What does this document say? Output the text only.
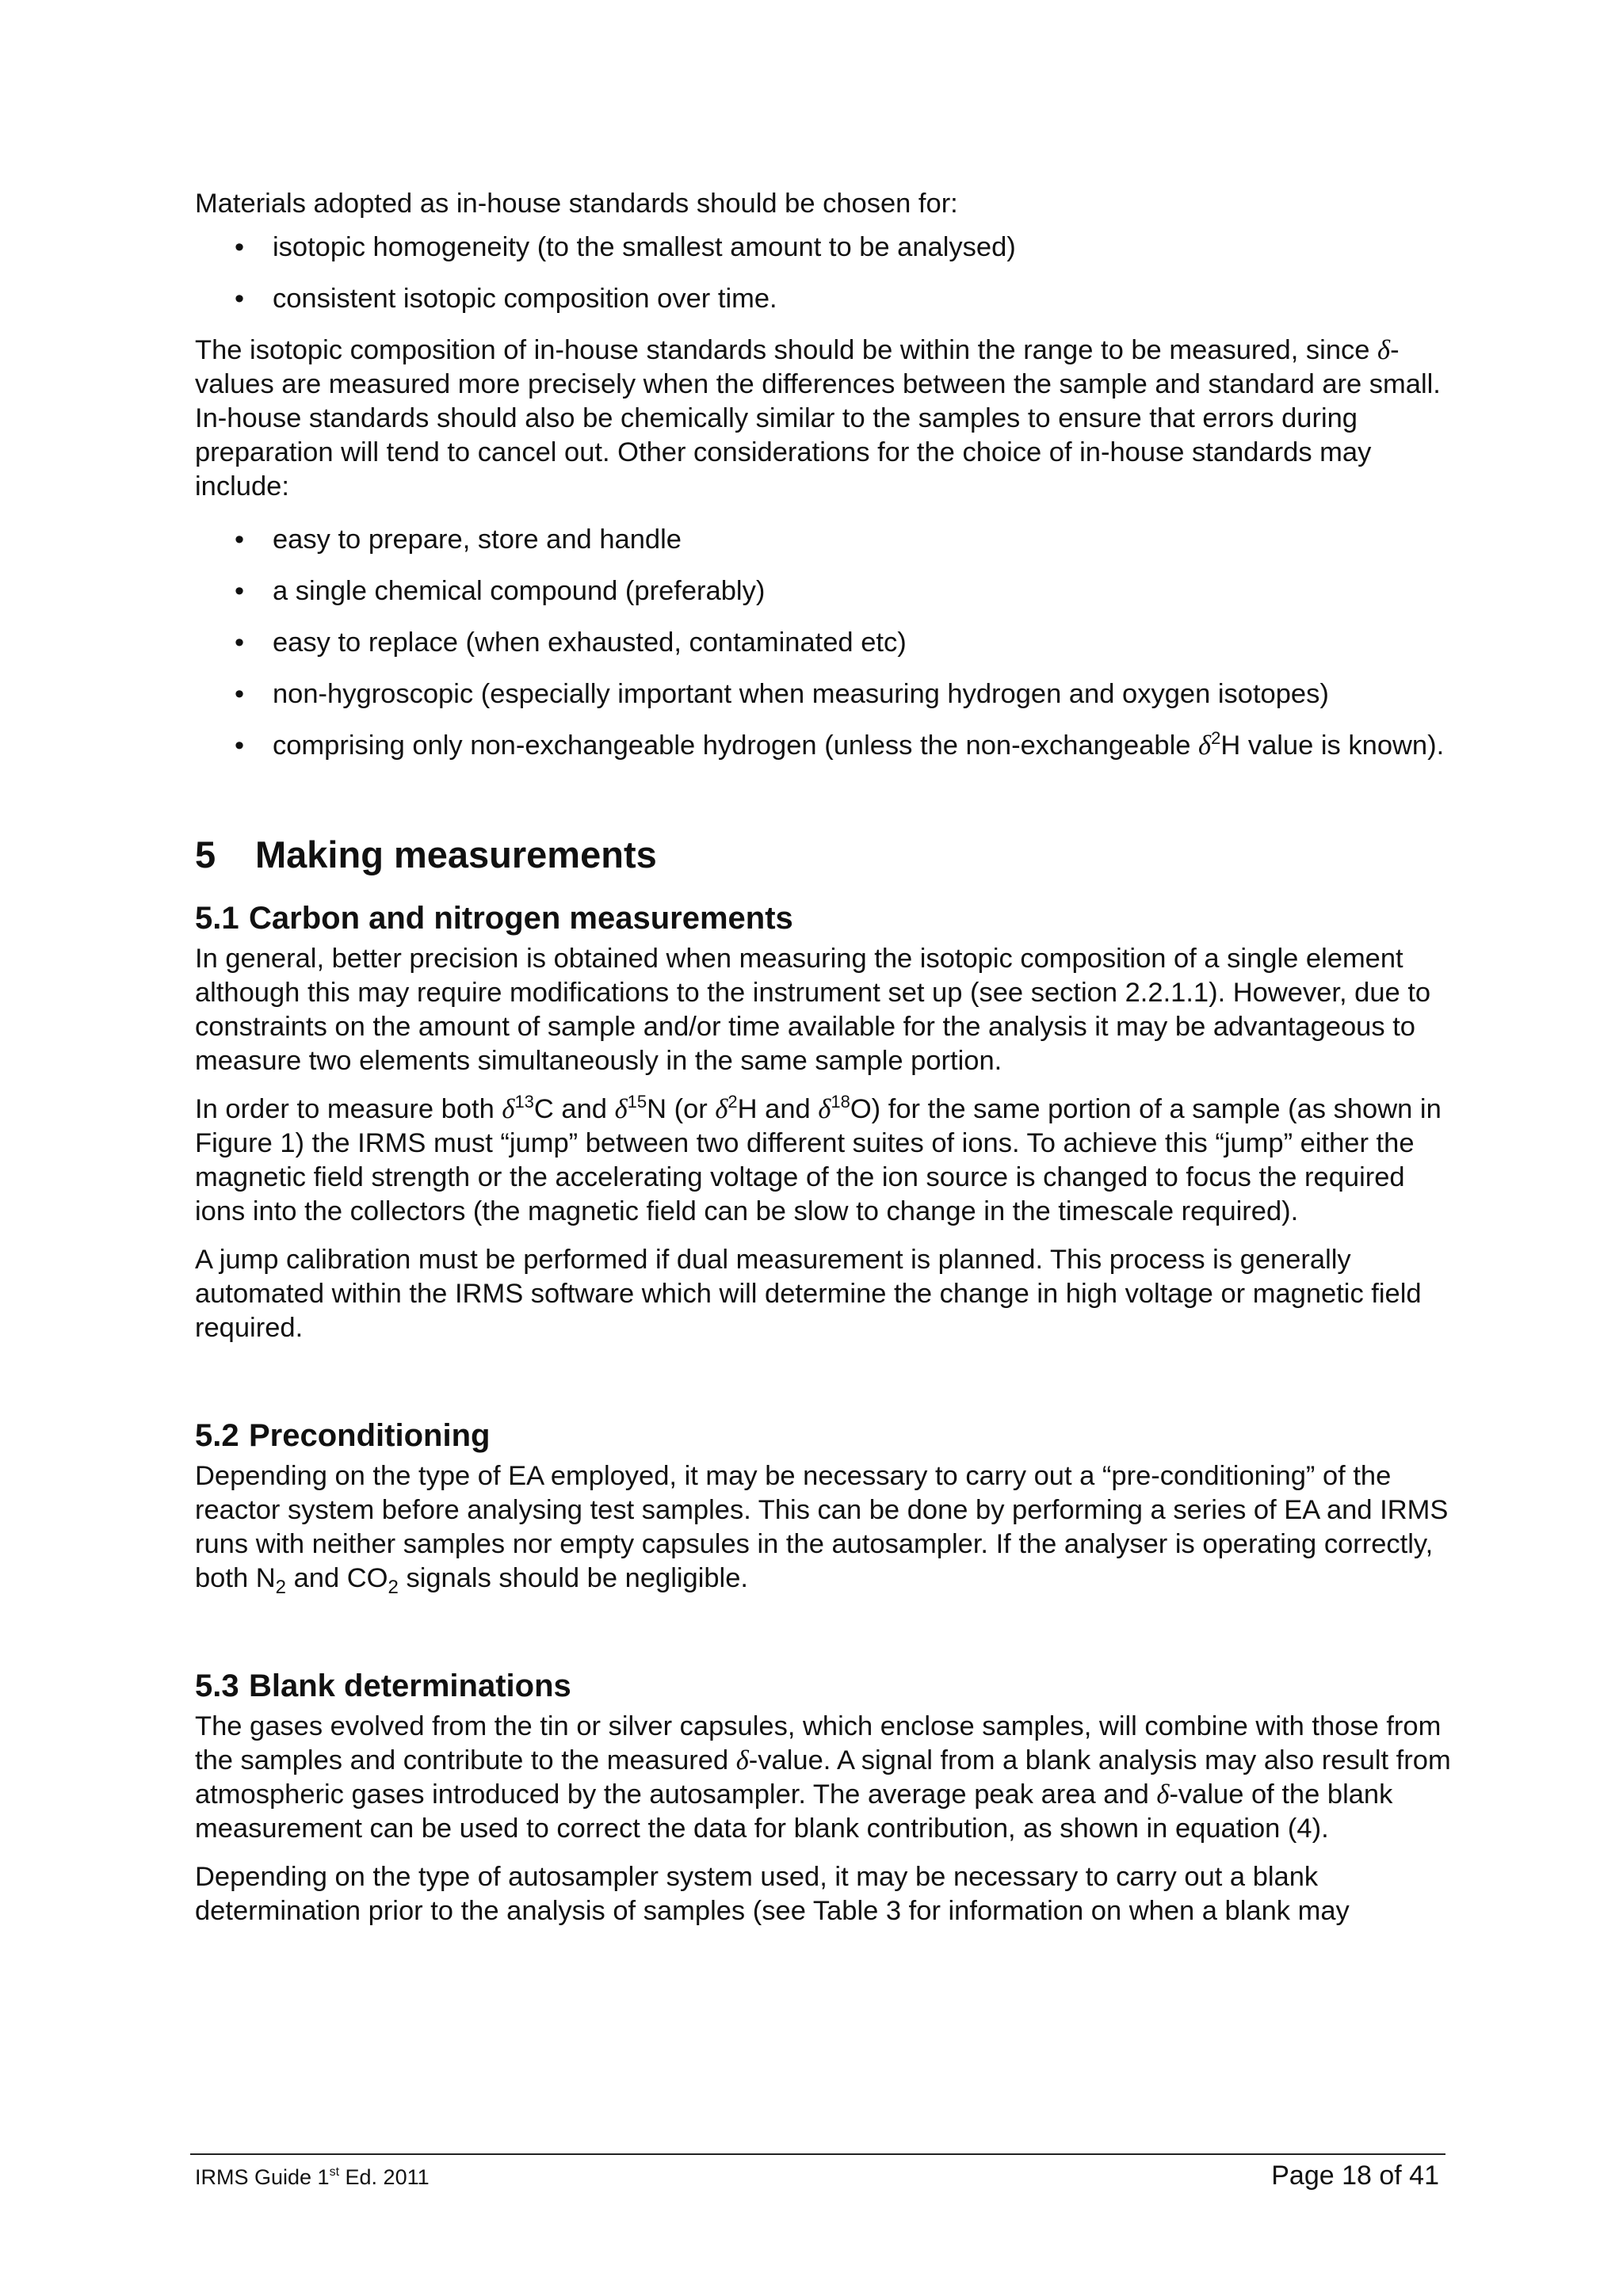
Materials adopted as in-house standards should be chosen for:

• isotopic homogeneity (to the smallest amount to be analysed)
• consistent isotopic composition over time.

The isotopic composition of in-house standards should be within the range to be measured, since δ-values are measured more precisely when the differences between the sample and standard are small. In-house standards should also be chemically similar to the samples to ensure that errors during preparation will tend to cancel out. Other considerations for the choice of in-house standards may include:

• easy to prepare, store and handle
• a single chemical compound (preferably)
• easy to replace (when exhausted, contaminated etc)
• non-hygroscopic (especially important when measuring hydrogen and oxygen isotopes)
• comprising only non-exchangeable hydrogen (unless the non-exchangeable $\delta^2H$ value is known).
5 Making measurements
5.1 Carbon and nitrogen measurements

In general, better precision is obtained when measuring the isotopic composition of a single element although this may require modifications to the instrument set up (see section 2.2.1.1). However, due to constraints on the amount of sample and/or time available for the analysis it may be advantageous to measure two elements simultaneously in the same sample portion.

In order to measure both $\delta^{13}C$ and $\delta^{15}N$ (or $\delta^2H$ and $\delta^{18}O$) for the same portion of a sample (as shown in Figure 1) the IRMS must “jump” between two different suites of ions. To achieve this “jump” either the magnetic field strength or the accelerating voltage of the ion source is changed to focus the required ions into the collectors (the magnetic field can be slow to change in the timescale required).

A jump calibration must be performed if dual measurement is planned. This process is generally automated within the IRMS software which will determine the change in high voltage or magnetic field required.

5.2 Preconditioning

Depending on the type of EA employed, it may be necessary to carry out a “pre-conditioning” of the reactor system before analysing test samples. This can be done by performing a series of EA and IRMS runs with neither samples nor empty capsules in the autosampler. If the analyser is operating correctly, both $N_2$ and $CO_2$ signals should be negligible.

5.3 Blank determinations

The gases evolved from the tin or silver capsules, which enclose samples, will combine with those from the samples and contribute to the measured δ-value. A signal from a blank analysis may also result from atmospheric gases introduced by the autosampler. The average peak area and δ-value of the blank measurement can be used to correct the data for blank contribution, as shown in equation (4).

Depending on the type of autosampler system used, it may be necessary to carry out a blank determination prior to the analysis of samples (see Table 3 for information on when a blank may

IRMS Guide 1st Ed. 2011	Page 18 of 41
